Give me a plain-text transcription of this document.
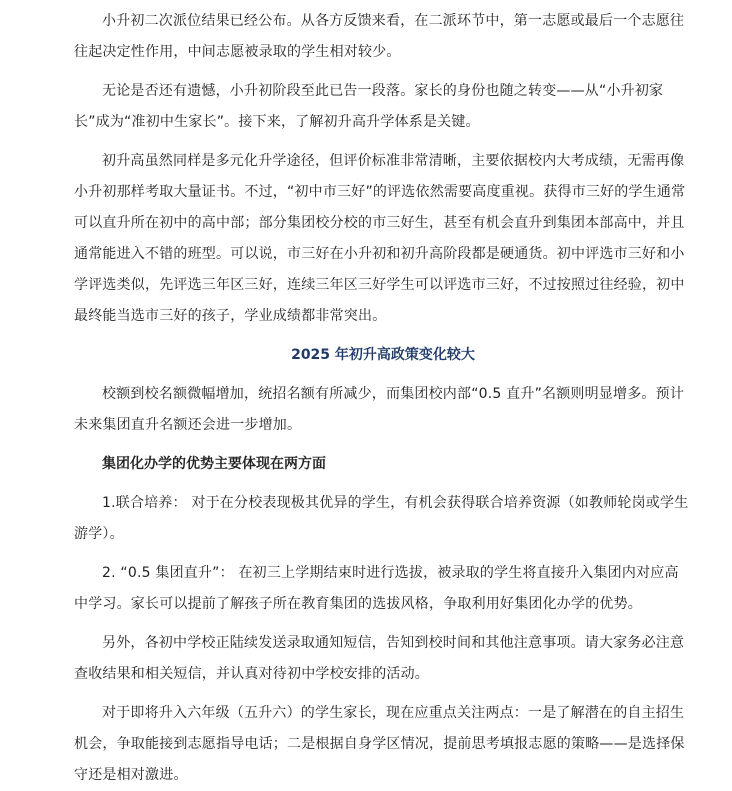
小升初二次派位结果已经公布。从各方反馈来看，在二派环节中，第一志愿或最后一个志愿往往起决定性作用，中间志愿被录取的学生相对较少。

无论是否还有遗憾，小升初阶段至此已告一段落。家长的身份也随之转变——从“小升初家长”成为“准初中生家长”。接下来，了解初升高升学体系是关键。

初升高虽然同样是多元化升学途径，但评价标准非常清晰，主要依据校内大考成绩，无需再像小升初那样考取大量证书。不过，“初中市三好”的评选依然需要高度重视。获得市三好的学生通常可以直升所在初中的高中部；部分集团校分校的市三好生，甚至有机会直升到集团本部高中，并且通常能进入不错的班型。可以说，市三好在小升初和初升高阶段都是硬通货。初中评选市三好和小学评选类似，先评选三年区三好，连续三年区三好学生可以评选市三好，不过按照过往经验，初中最终能当选市三好的孩子，学业成绩都非常突出。

2025 年初升高政策变化较大

校额到校名额微幅增加，统招名额有所减少，而集团校内部“0.5 直升”名额则明显增多。预计未来集团直升名额还会进一步增加。

集团化办学的优势主要体现在两方面

1.联合培养： 对于在分校表现极其优异的学生，有机会获得联合培养资源（如教师轮岗或学生游学）。

2. “0.5 集团直升”： 在初三上学期结束时进行选拔，被录取的学生将直接升入集团内对应高中学习。家长可以提前了解孩子所在教育集团的选拔风格，争取利用好集团化办学的优势。

另外，各初中学校正陆续发送录取通知短信，告知到校时间和其他注意事项。请大家务必注意查收结果和相关短信，并认真对待初中学校安排的活动。

对于即将升入六年级（五升六）的学生家长，现在应重点关注两点：一是了解潜在的自主招生机会，争取能接到志愿指导电话；二是根据自身学区情况，提前思考填报志愿的策略——是选择保守还是相对激进。
